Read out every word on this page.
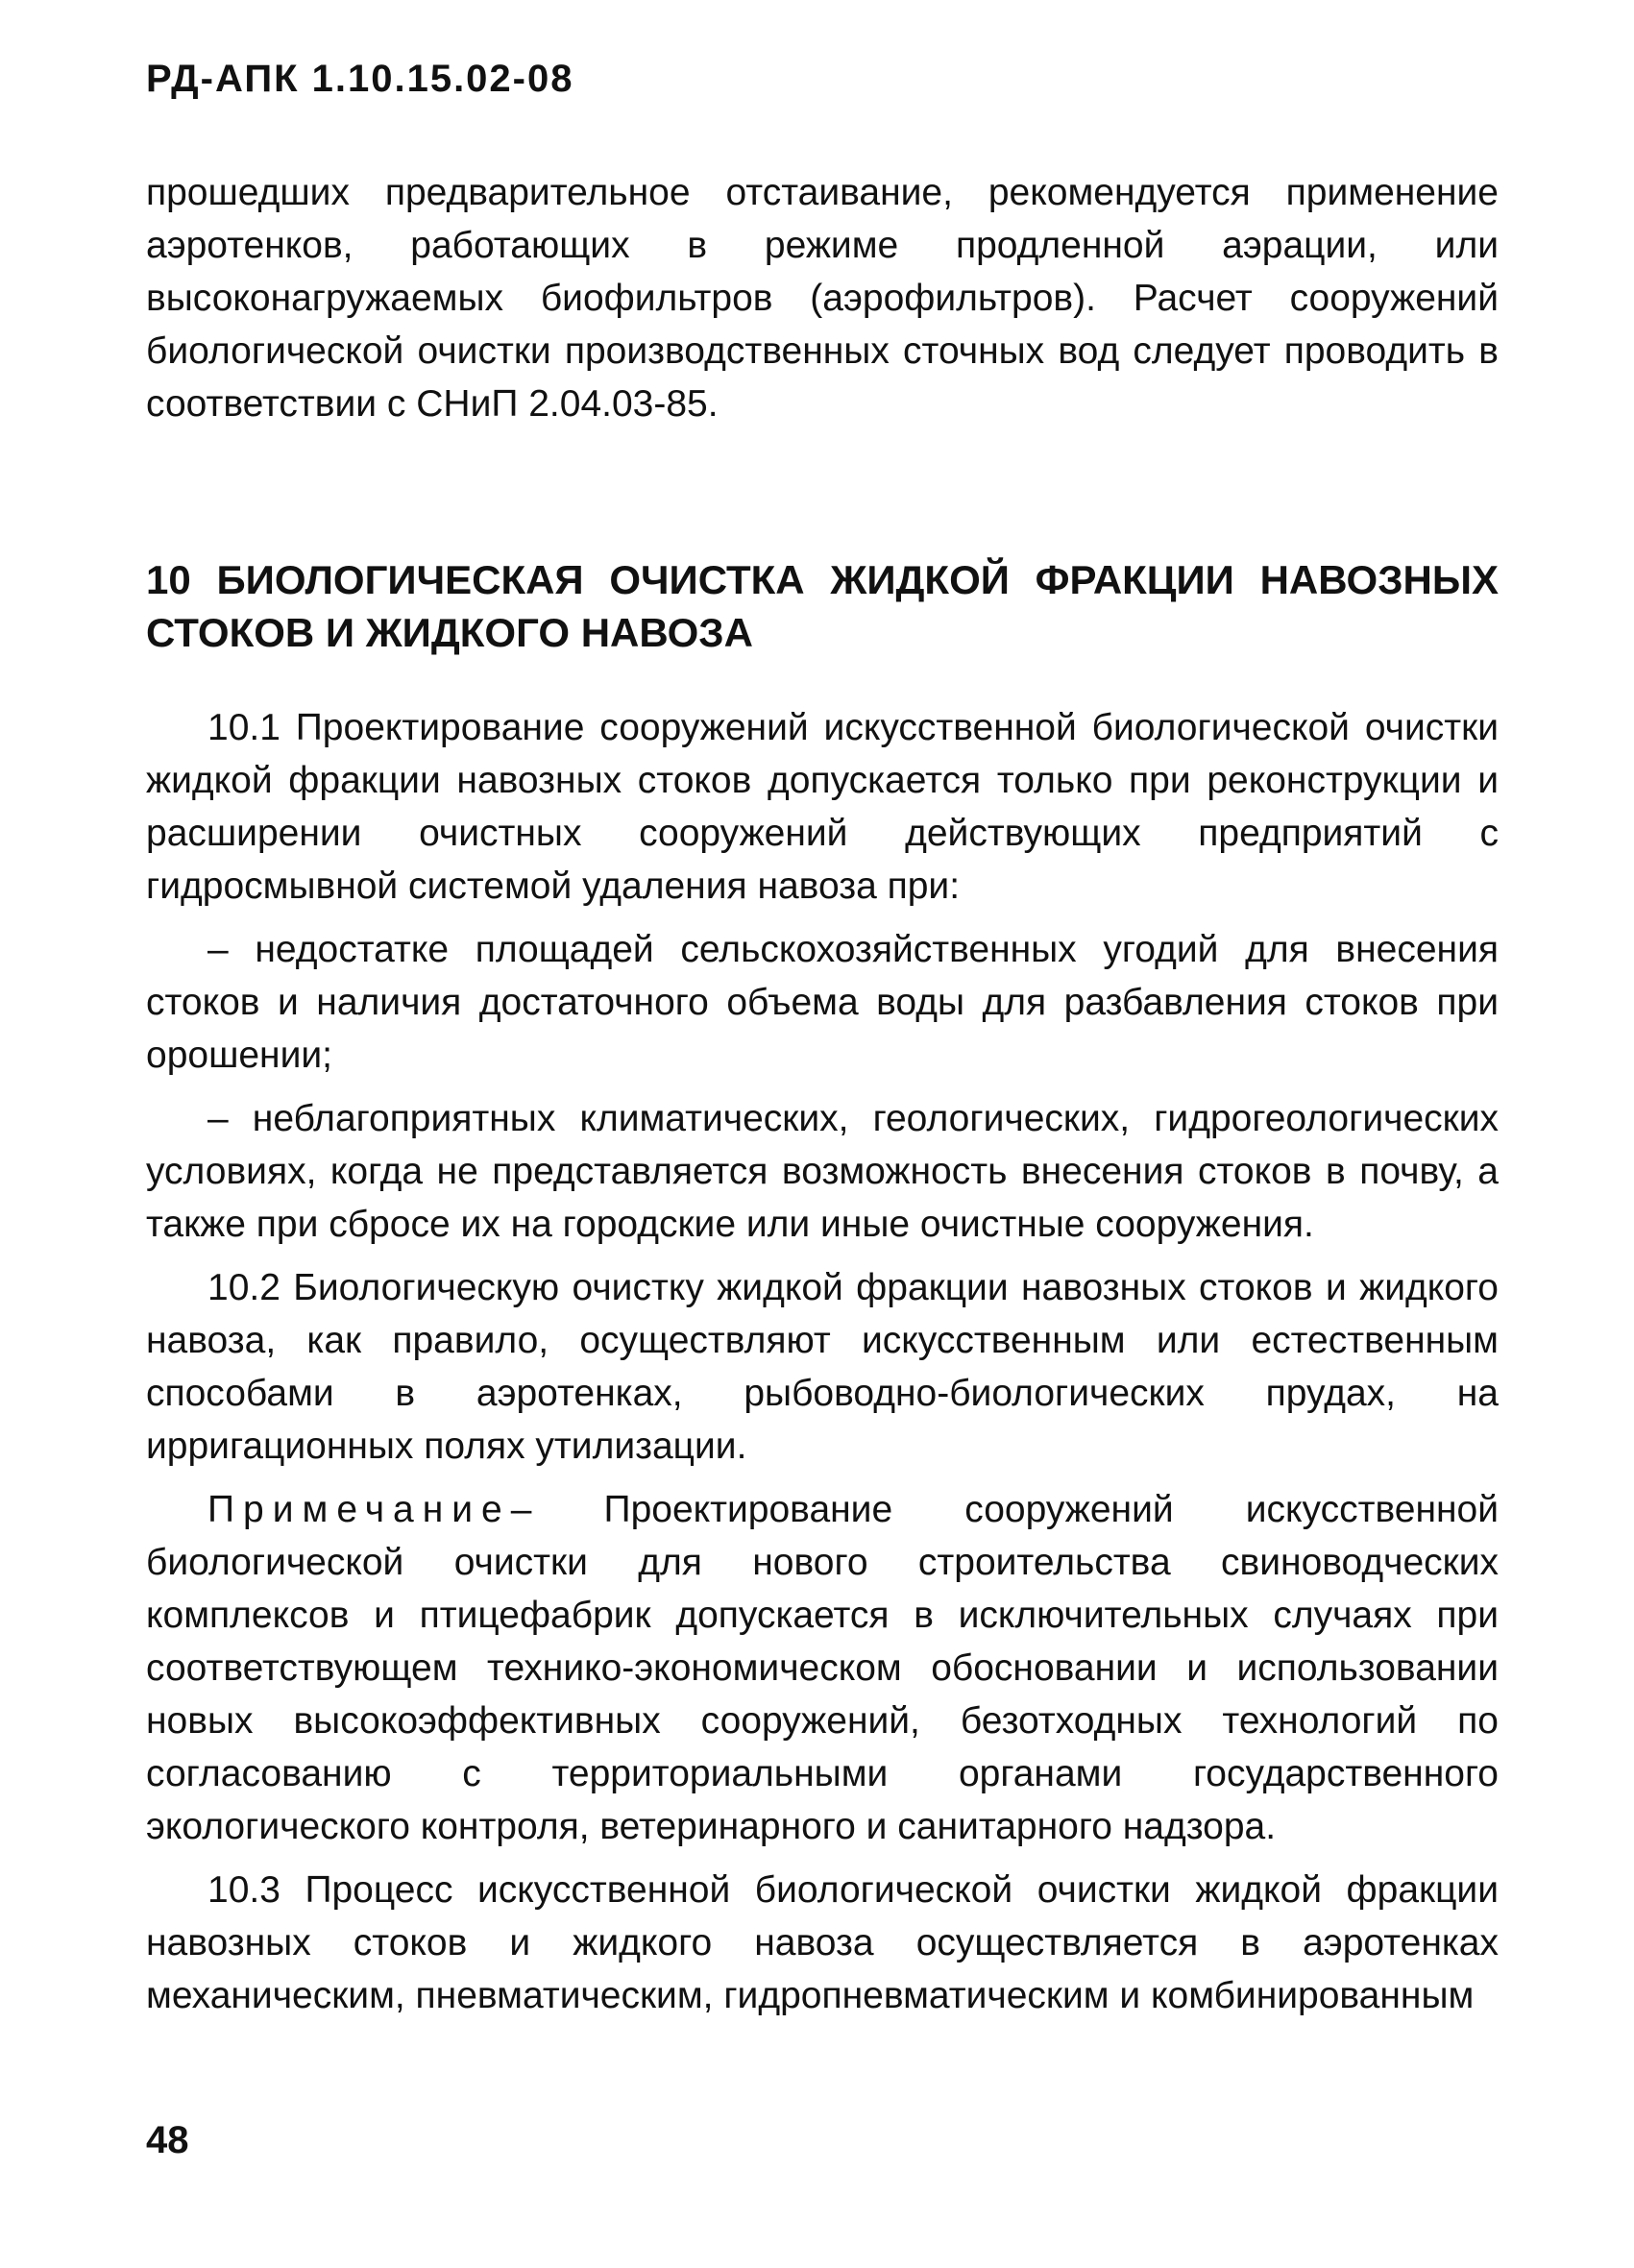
РД-АПК 1.10.15.02-08

прошедших предварительное отстаивание, рекомендуется применение аэротенков, работающих в режиме продленной аэрации, или высоконагружаемых биофильтров (аэрофильтров). Расчет сооружений биологической очистки производственных сточных вод следует проводить в соответствии с СНиП 2.04.03-85.

10 БИОЛОГИЧЕСКАЯ ОЧИСТКА ЖИДКОЙ ФРАКЦИИ НАВОЗНЫХ СТОКОВ И ЖИДКОГО НАВОЗА

10.1 Проектирование сооружений искусственной биологической очистки жидкой фракции навозных стоков допускается только при реконструкции и расширении очистных сооружений действующих предприятий с гидросмывной системой удаления навоза при:

– недостатке площадей сельскохозяйственных угодий для внесения стоков и наличия достаточного объема воды для разбавления стоков при орошении;

– неблагоприятных климатических, геологических, гидрогеологических условиях, когда не представляется возможность внесения стоков в почву, а также при сбросе их на городские или иные очистные сооружения.

10.2 Биологическую очистку жидкой фракции навозных стоков и жидкого навоза, как правило, осуществляют искусственным или естественным способами в аэротенках, рыбоводно-биологических прудах, на ирригационных полях утилизации.

Примечание– Проектирование сооружений искусственной биологической очистки для нового строительства свиноводческих комплексов и птицефабрик допускается в исключительных случаях при соответствующем технико-экономическом обосновании и использовании новых высокоэффективных сооружений, безотходных технологий по согласованию с территориальными органами государственного экологического контроля, ветеринарного и санитарного надзора.

10.3 Процесс искусственной биологической очистки жидкой фракции навозных стоков и жидкого навоза осуществляется в аэротенках механическим, пневматическим, гидропневматическим и комбинированным

48
